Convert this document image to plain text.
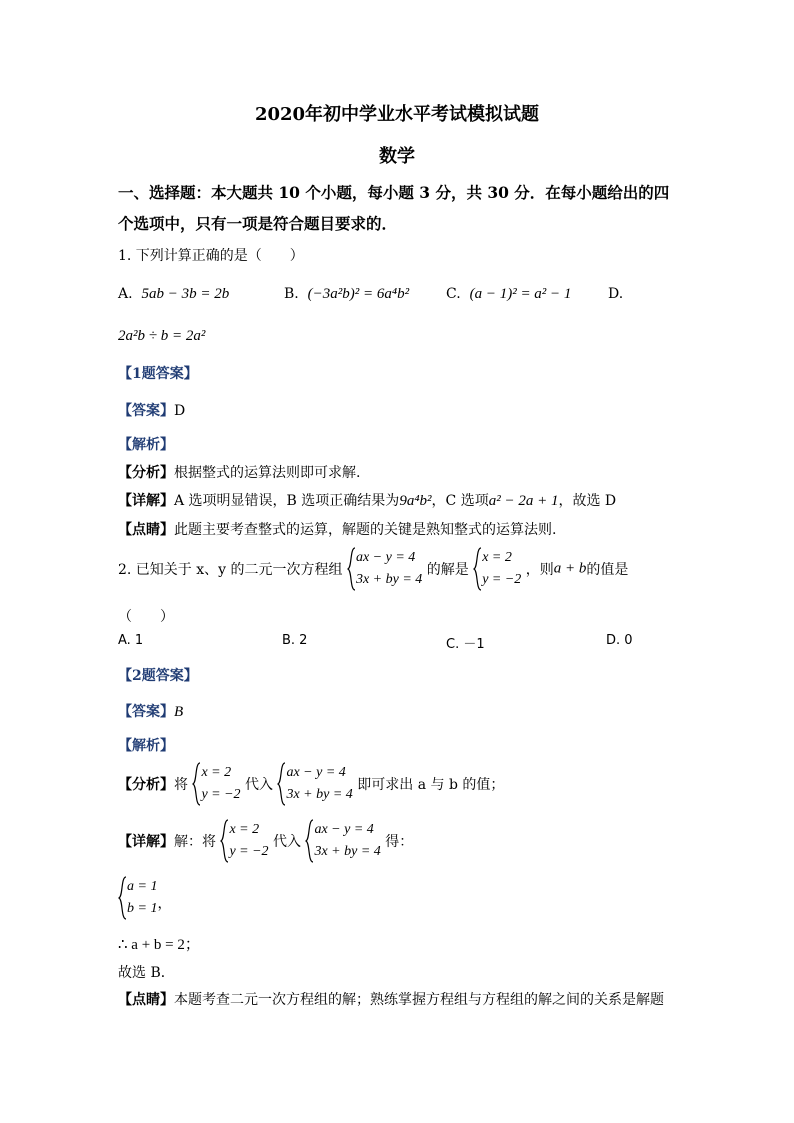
2020年初中学业水平考试模拟试题
数学
一、选择题：本大题共 10 个小题，每小题 3 分，共 30 分．在每小题给出的四
个选项中，只有一项是符合题目要求的．
1. 下列计算正确的是（　　）
A. 5ab − 3b = 2b	B. (−3a²b)² = 6a⁴b²	C. (a − 1)² = a² − 1	D.
2a²b ÷ b = 2a²
【1题答案】
【答案】D
【解析】
【分析】根据整式的运算法则即可求解.
【详解】A 选项明显错误，B 选项正确结果为9a⁴b²，C 选项a² − 2a + 1，故选 D
【点睛】此题主要考查整式的运算，解题的关键是熟知整式的运算法则.
2. 已知关于 x、y 的二元一次方程组
ax − y = 4
3x + by = 4
的解是
x = 2
y = −2
，则a + b的值是
（　　）
A. 1	B. 2	C. －1	D. 0
【2题答案】
【答案】B
【解析】
【分析】将
x = 2
y = −2
代入
ax − y = 4
3x + by = 4
即可求出 a 与 b 的值；
【详解】解：将
x = 2
y = −2
代入
ax − y = 4
3x + by = 4
得：
a = 1
b = 1 ，
∴ a + b = 2；
故选 B．
【点睛】本题考查二元一次方程组的解；熟练掌握方程组与方程组的解之间的关系是解题
